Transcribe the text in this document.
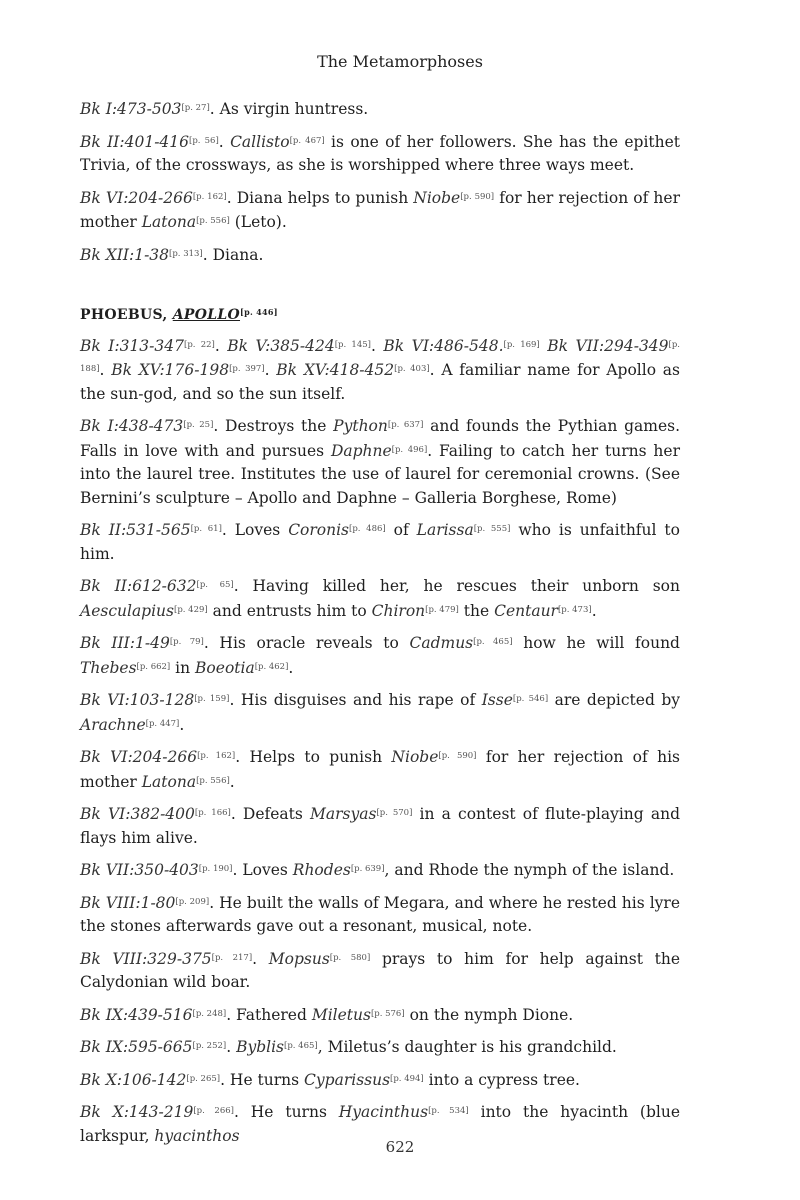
The Metamorphoses

Bk I:473-503[p. 27]. As virgin huntress.

Bk II:401-416[p. 56]. Callisto[p. 467] is one of her followers. She has the epithet Trivia, of the crossways, as she is worshipped where three ways meet.

Bk VI:204-266[p. 162]. Diana helps to punish Niobe[p. 590] for her rejection of her mother Latona[p. 556] (Leto).

Bk XII:1-38[p. 313]. Diana.

PHOEBUS, APOLLO[p. 446]

Bk I:313-347[p. 22]. Bk V:385-424[p. 145]. Bk VI:486-548.[p. 169] Bk VII:294-349[p. 188]. Bk XV:176-198[p. 397]. Bk XV:418-452[p. 403]. A familiar name for Apollo as the sun-god, and so the sun itself.

Bk I:438-473[p. 25]. Destroys the Python[p. 637] and founds the Pythian games. Falls in love with and pursues Daphne[p. 496]. Failing to catch her turns her into the laurel tree. Institutes the use of laurel for ceremonial crowns. (See Bernini’s sculpture – Apollo and Daphne – Galleria Borghese, Rome)

Bk II:531-565[p. 61]. Loves Coronis[p. 486] of Larissa[p. 555] who is unfaithful to him.

Bk II:612-632[p. 65]. Having killed her, he rescues their unborn son Aesculapius[p. 429] and entrusts him to Chiron[p. 479] the Centaur[p. 473].

Bk III:1-49[p. 79]. His oracle reveals to Cadmus[p. 465] how he will found Thebes[p. 662] in Boeotia[p. 462].

Bk VI:103-128[p. 159]. His disguises and his rape of Isse[p. 546] are depicted by Arachne[p. 447].

Bk VI:204-266[p. 162]. Helps to punish Niobe[p. 590] for her rejection of his mother Latona[p. 556].

Bk VI:382-400[p. 166]. Defeats Marsyas[p. 570] in a contest of flute-playing and flays him alive.

Bk VII:350-403[p. 190]. Loves Rhodes[p. 639], and Rhode the nymph of the island.

Bk VIII:1-80[p. 209]. He built the walls of Megara, and where he rested his lyre the stones afterwards gave out a resonant, musical, note.

Bk VIII:329-375[p. 217]. Mopsus[p. 580] prays to him for help against the Calydonian wild boar.

Bk IX:439-516[p. 248]. Fathered Miletus[p. 576] on the nymph Dione.

Bk IX:595-665[p. 252]. Byblis[p. 465], Miletus’s daughter is his grandchild.

Bk X:106-142[p. 265]. He turns Cyparissus[p. 494] into a cypress tree.

Bk X:143-219[p. 266]. He turns Hyacinthus[p. 534] into the hyacinth (blue larkspur, hyacinthos

622
